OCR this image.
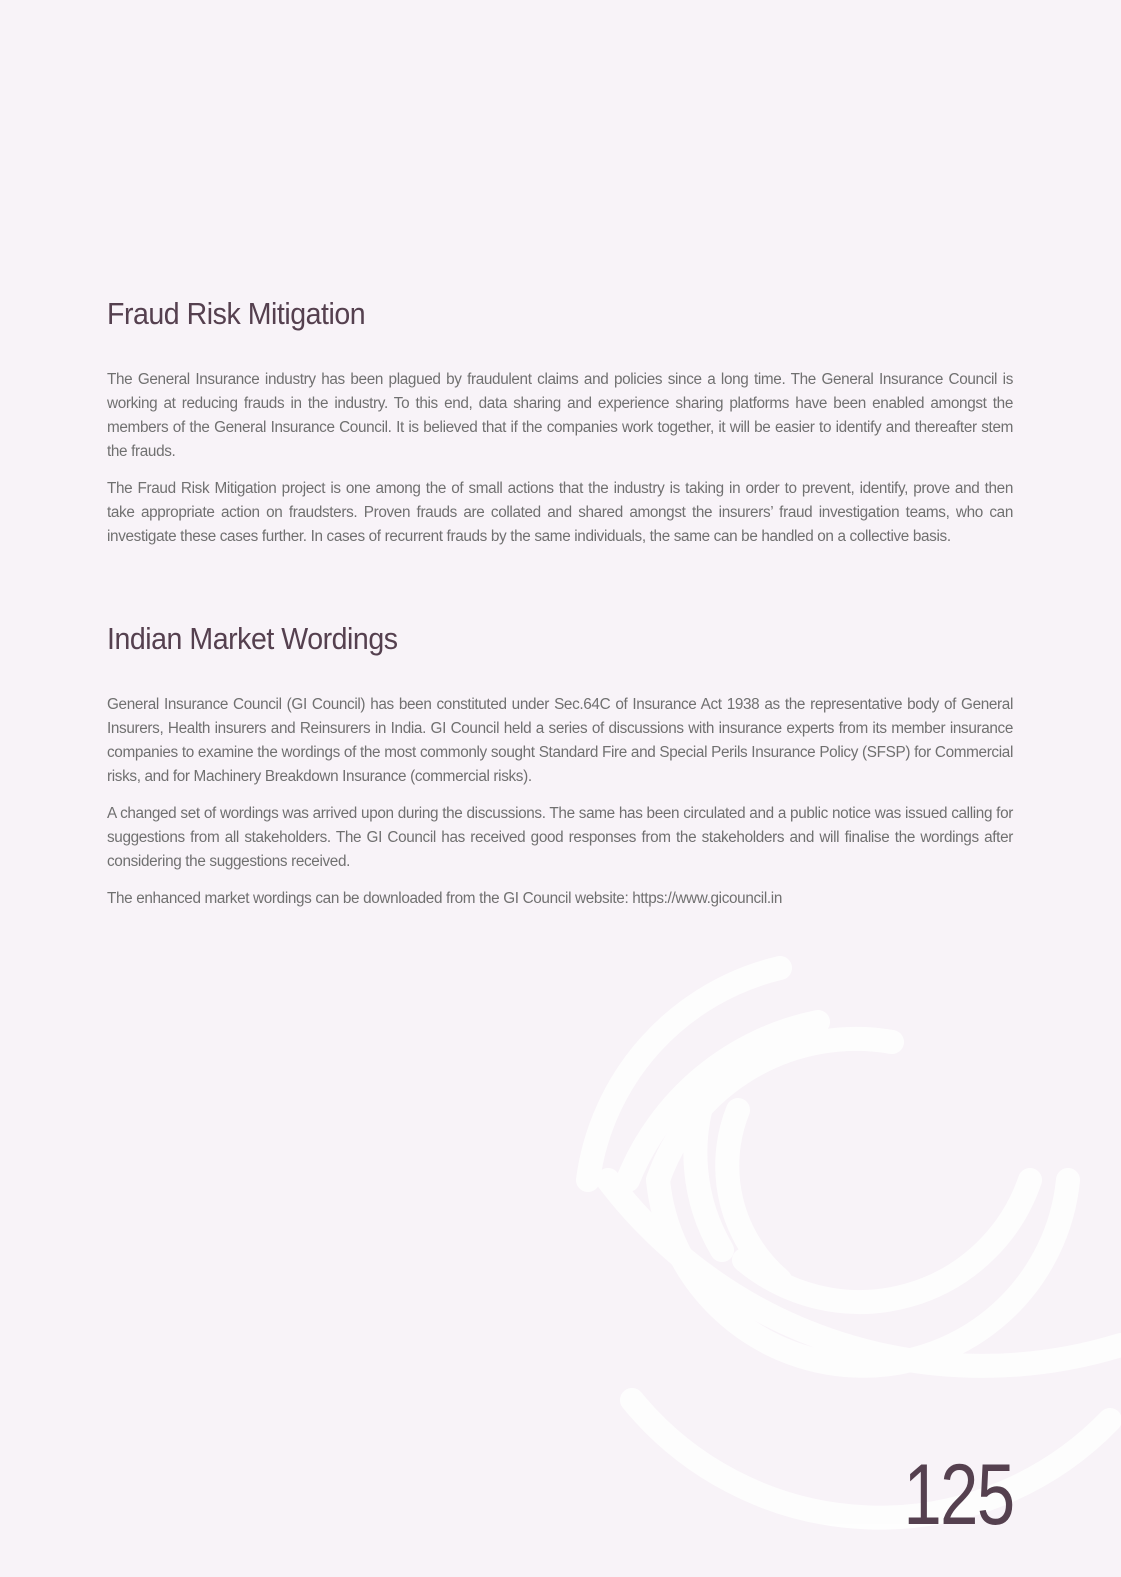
Fraud Risk Mitigation

The General Insurance industry has been plagued by fraudulent claims and policies since a long time. The General Insurance Council is working at reducing frauds in the industry. To this end, data sharing and experience sharing platforms have been enabled amongst the members of the General Insurance Council. It is believed that if the companies work together, it will be easier to identify and thereafter stem the frauds.

The Fraud Risk Mitigation project is one among the of small actions that the industry is taking in order to prevent, identify, prove and then take appropriate action on fraudsters. Proven frauds are collated and shared amongst the insurers’ fraud investigation teams, who can investigate these cases further. In cases of recurrent frauds by the same individuals, the same can be handled on a collective basis.

Indian Market Wordings

General Insurance Council (GI Council) has been constituted under Sec.64C of Insurance Act 1938 as the representative body of General Insurers, Health insurers and Reinsurers in India. GI Council held a series of discussions with insurance experts from its member insurance companies to examine the wordings of the most commonly sought Standard Fire and Special Perils Insurance Policy (SFSP) for Commercial risks, and for Machinery Breakdown Insurance (commercial risks).

A changed set of wordings was arrived upon during the discussions. The same has been circulated and a public notice was issued calling for suggestions from all stakeholders. The GI Council has received good responses from the stakeholders and will finalise the wordings after considering the suggestions received.

The enhanced market wordings can be downloaded from the GI Council website: https://www.gicouncil.in

125
